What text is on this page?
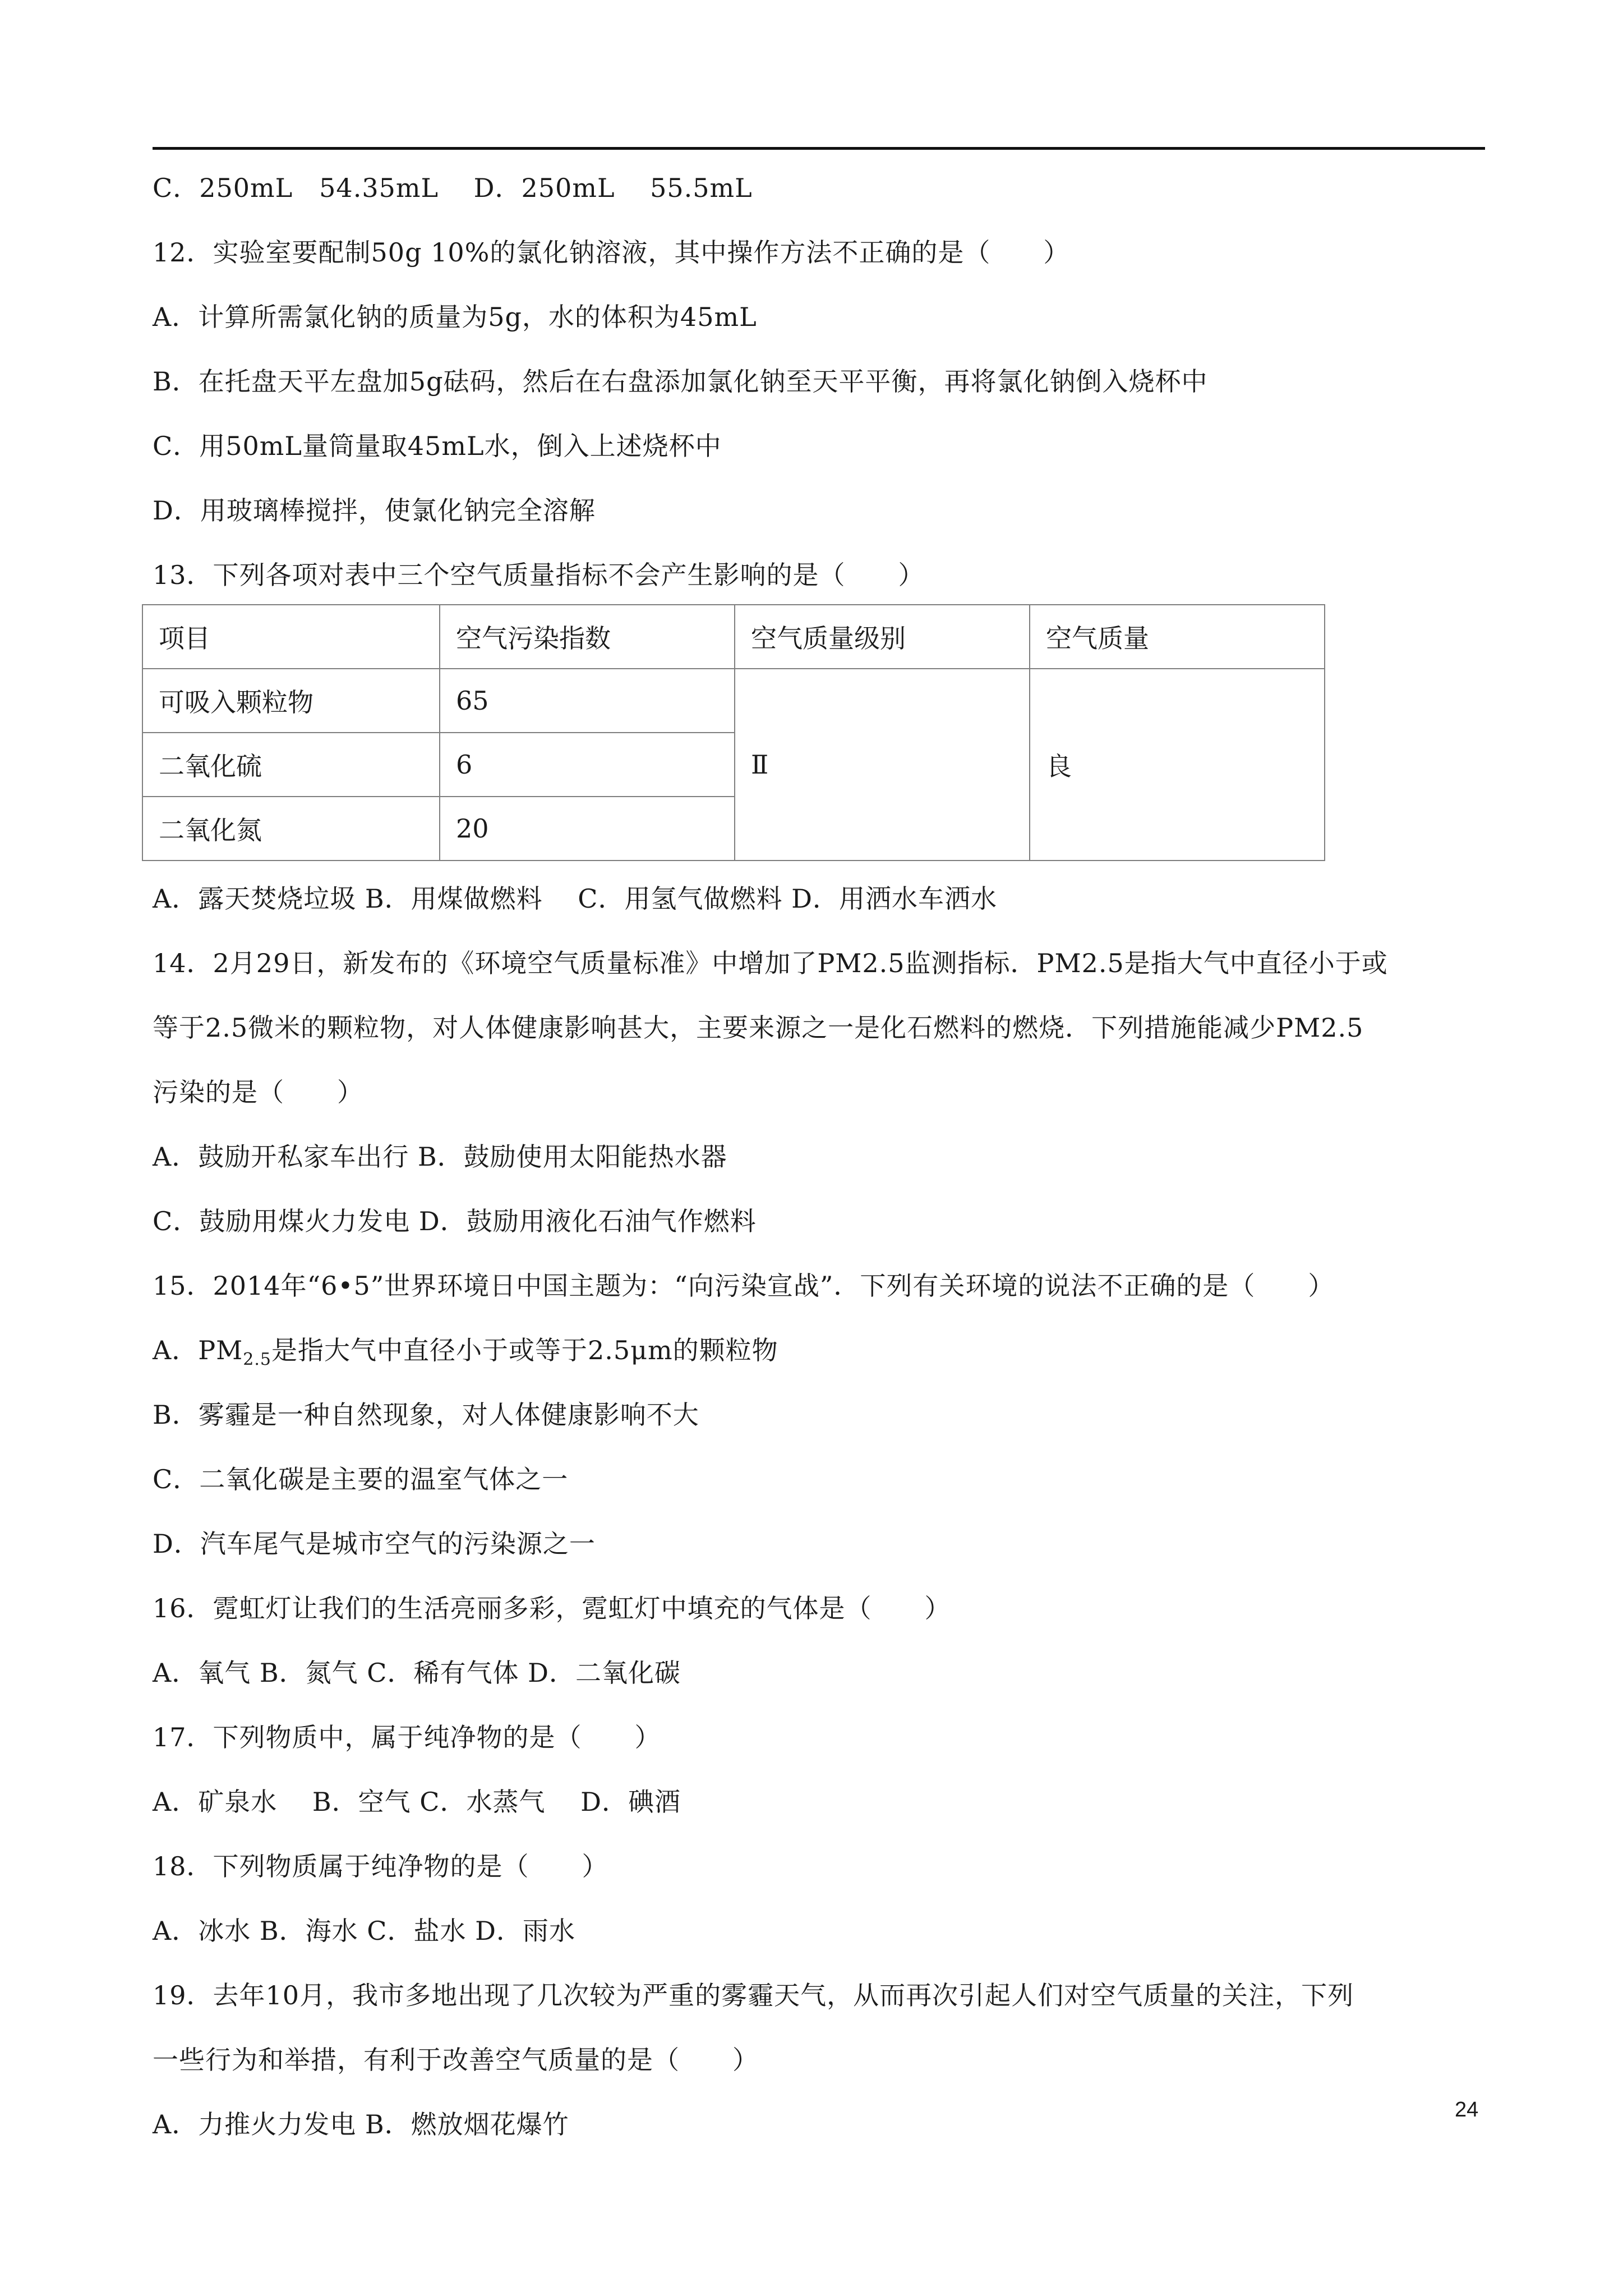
C．250mL　54.35mL　 D．250mL　 55.5mL
12．实验室要配制50g 10%的氯化钠溶液，其中操作方法不正确的是（　　）
A．计算所需氯化钠的质量为5g，水的体积为45mL
B．在托盘天平左盘加5g砝码，然后在右盘添加氯化钠至天平平衡，再将氯化钠倒入烧杯中
C．用50mL量筒量取45mL水，倒入上述烧杯中
D．用玻璃棒搅拌，使氯化钠完全溶解
13．下列各项对表中三个空气质量指标不会产生影响的是（　　）
项目	空气污染指数	空气质量级别	空气质量
可吸入颗粒物	65	Ⅱ	良
二氧化硫	6		
二氧化氮	20		
A．露天焚烧垃圾 B．用煤做燃料　 C．用氢气做燃料 D．用洒水车洒水
14．2月29日，新发布的《环境空气质量标准》中增加了PM2.5监测指标．PM2.5是指大气中直径小于或
等于2.5微米的颗粒物，对人体健康影响甚大，主要来源之一是化石燃料的燃烧．下列措施能减少PM2.5
污染的是（　　）
A．鼓励开私家车出行 B．鼓励使用太阳能热水器
C．鼓励用煤火力发电 D．鼓励用液化石油气作燃料
15．2014年“6•5”世界环境日中国主题为：“向污染宣战”．下列有关环境的说法不正确的是（　　）
A．$PM_{2.5}$是指大气中直径小于或等于2.5μm的颗粒物
B．雾霾是一种自然现象，对人体健康影响不大
C．二氧化碳是主要的温室气体之一
D．汽车尾气是城市空气的污染源之一
16．霓虹灯让我们的生活亮丽多彩，霓虹灯中填充的气体是（　　）
A．氧气 B．氮气 C．稀有气体 D．二氧化碳
17．下列物质中，属于纯净物的是（　　）
A．矿泉水　 B．空气 C．水蒸气　 D．碘酒
18．下列物质属于纯净物的是（　　）
A．冰水 B．海水 C．盐水 D．雨水
19．去年10月，我市多地出现了几次较为严重的雾霾天气，从而再次引起人们对空气质量的关注，下列
一些行为和举措，有利于改善空气质量的是（　　）
A．力推火力发电 B．燃放烟花爆竹	24
